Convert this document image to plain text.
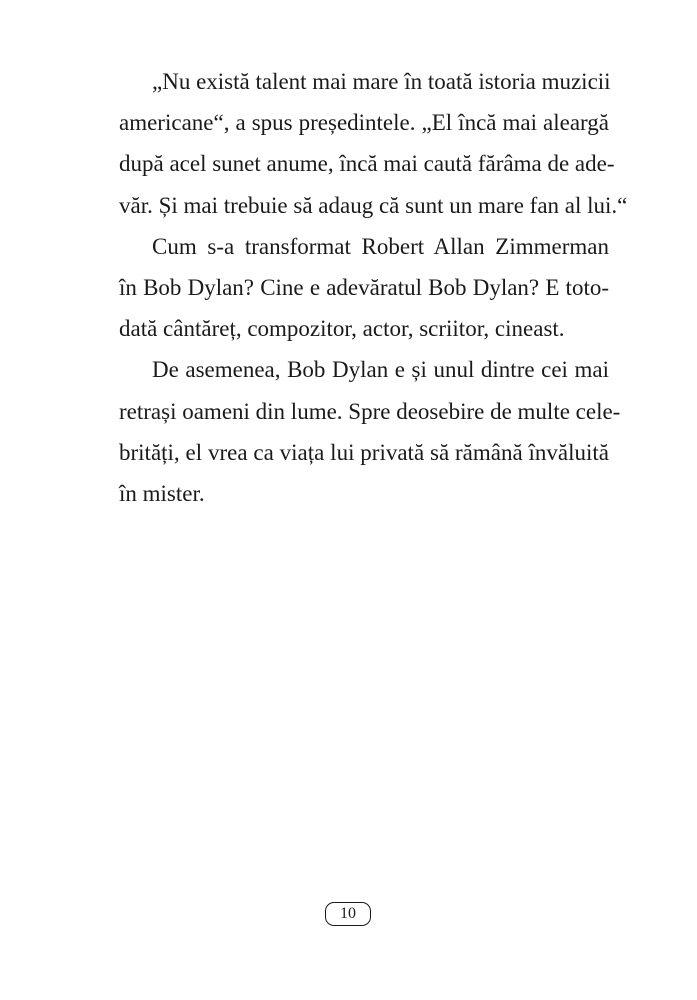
„Nu există talent mai mare în toată istoria muzicii
americane“, a spus președintele. „El încă mai aleargă
după acel sunet anume, încă mai caută fărâma de ade-
văr. Și mai trebuie să adaug că sunt un mare fan al lui.“

Cum s-a transformat Robert Allan Zimmerman
în Bob Dylan? Cine e adevăratul Bob Dylan? E toto-
dată cântăreț, compozitor, actor, scriitor, cineast.

De asemenea, Bob Dylan e și unul dintre cei mai
retrași oameni din lume. Spre deosebire de multe cele-
brități, el vrea ca viața lui privată să rămână învăluită
în mister.

10
